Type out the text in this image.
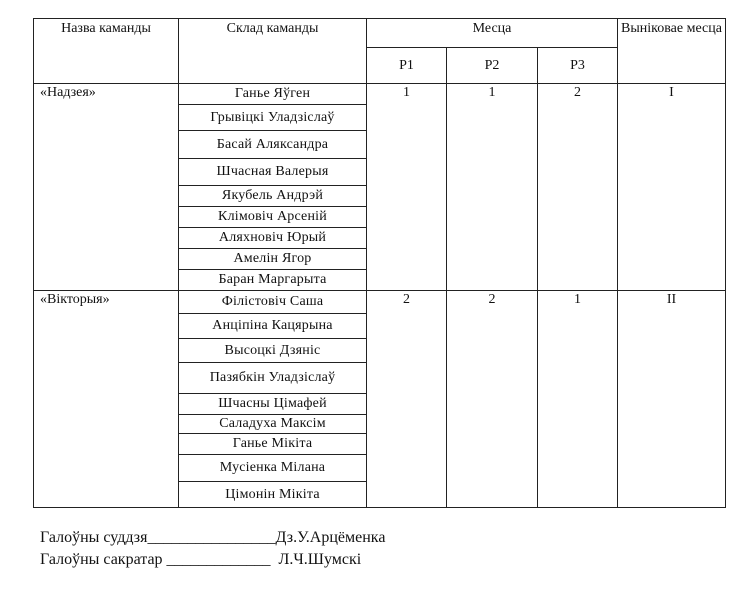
Назва каманды	Склад каманды	Месца			Выніковае месца
		Р1	Р2	Р3	
«Надзея»	Ганье Яўген	1	1	2	I
	Грывіцкі Уладзіслаў				
	Басай Аляксандра				
	Шчасная Валерыя				
	Якубель Андрэй				
	Клімовіч Арсеній				
	Аляхновіч Юрый				
	Амелін Ягор				
	Баран Маргарыта				
«Вікторыя»	Філістовіч Саша	2	2	1	II
	Анціпіна Кацярына				
	Высоцкі Дзяніс				
	Пазябкін Уладзіслаў				
	Шчасны Цімафей				
	Саладуха Максім				
	Ганье Мікіта				
	Мусіенка Мілана				
	Цімонін Мікіта				
Галоўны суддзя________________Дз.У.Арцёменка
Галоўны сакратар _____________ Л.Ч.Шумскі
